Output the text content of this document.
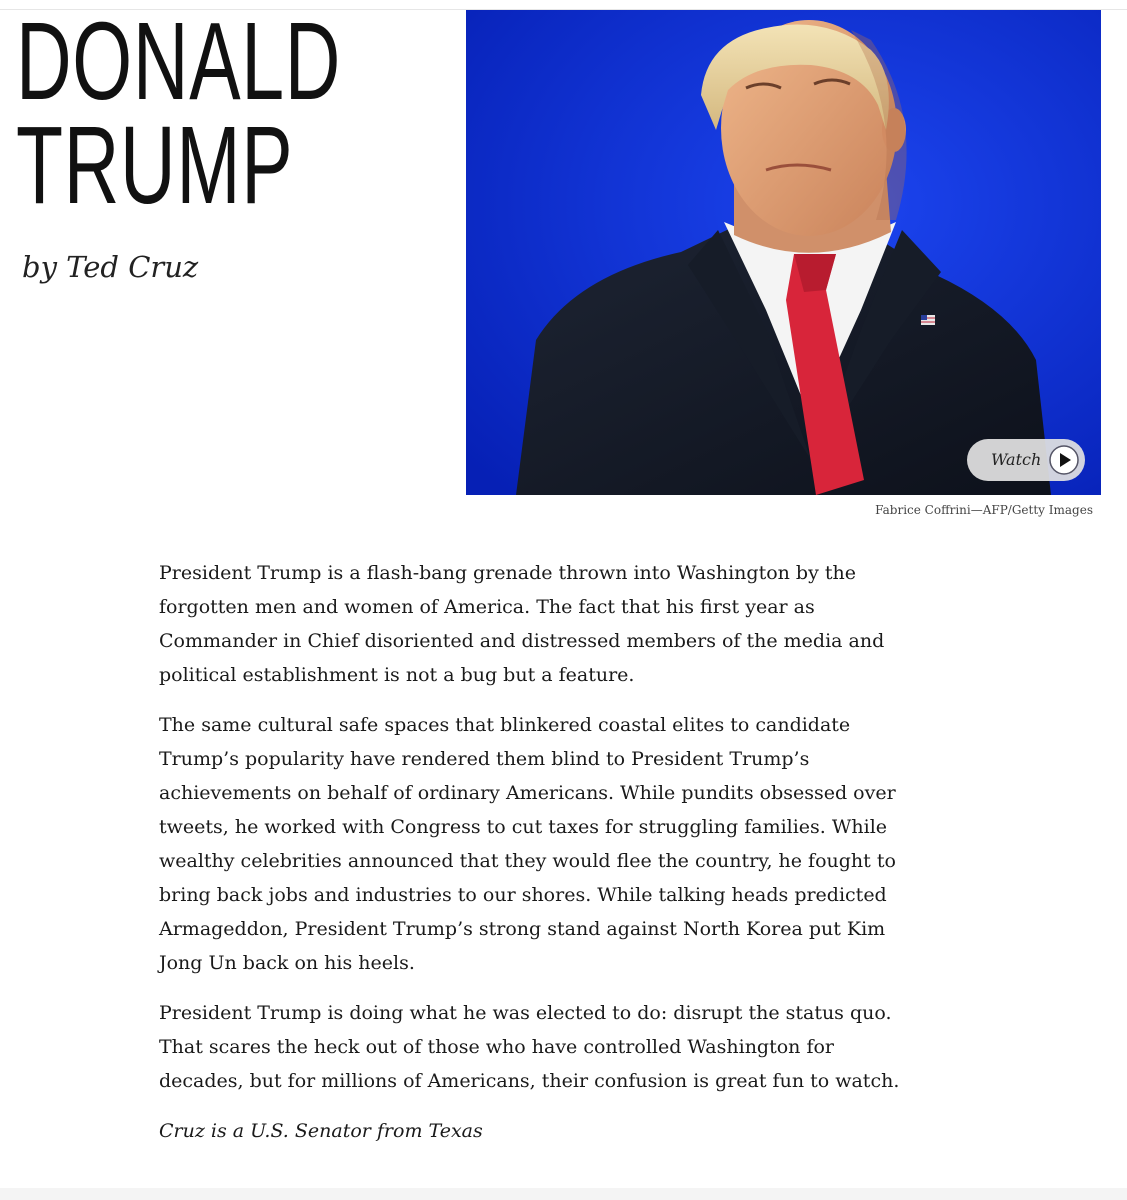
DONALD
TRUMP
by Ted Cruz
Watch
Fabrice Coffrini—AFP/Getty Images

President Trump is a flash-bang grenade thrown into Washington by the forgotten men and women of America. The fact that his first year as Commander in Chief disoriented and distressed members of the media and political establishment is not a bug but a feature.

The same cultural safe spaces that blinkered coastal elites to candidate Trump’s popularity have rendered them blind to President Trump’s achievements on behalf of ordinary Americans. While pundits obsessed over tweets, he worked with Congress to cut taxes for struggling families. While wealthy celebrities announced that they would flee the country, he fought to bring back jobs and industries to our shores. While talking heads predicted Armageddon, President Trump’s strong stand against North Korea put Kim Jong Un back on his heels.

President Trump is doing what he was elected to do: disrupt the status quo. That scares the heck out of those who have controlled Washington for decades, but for millions of Americans, their confusion is great fun to watch.

Cruz is a U.S. Senator from Texas
